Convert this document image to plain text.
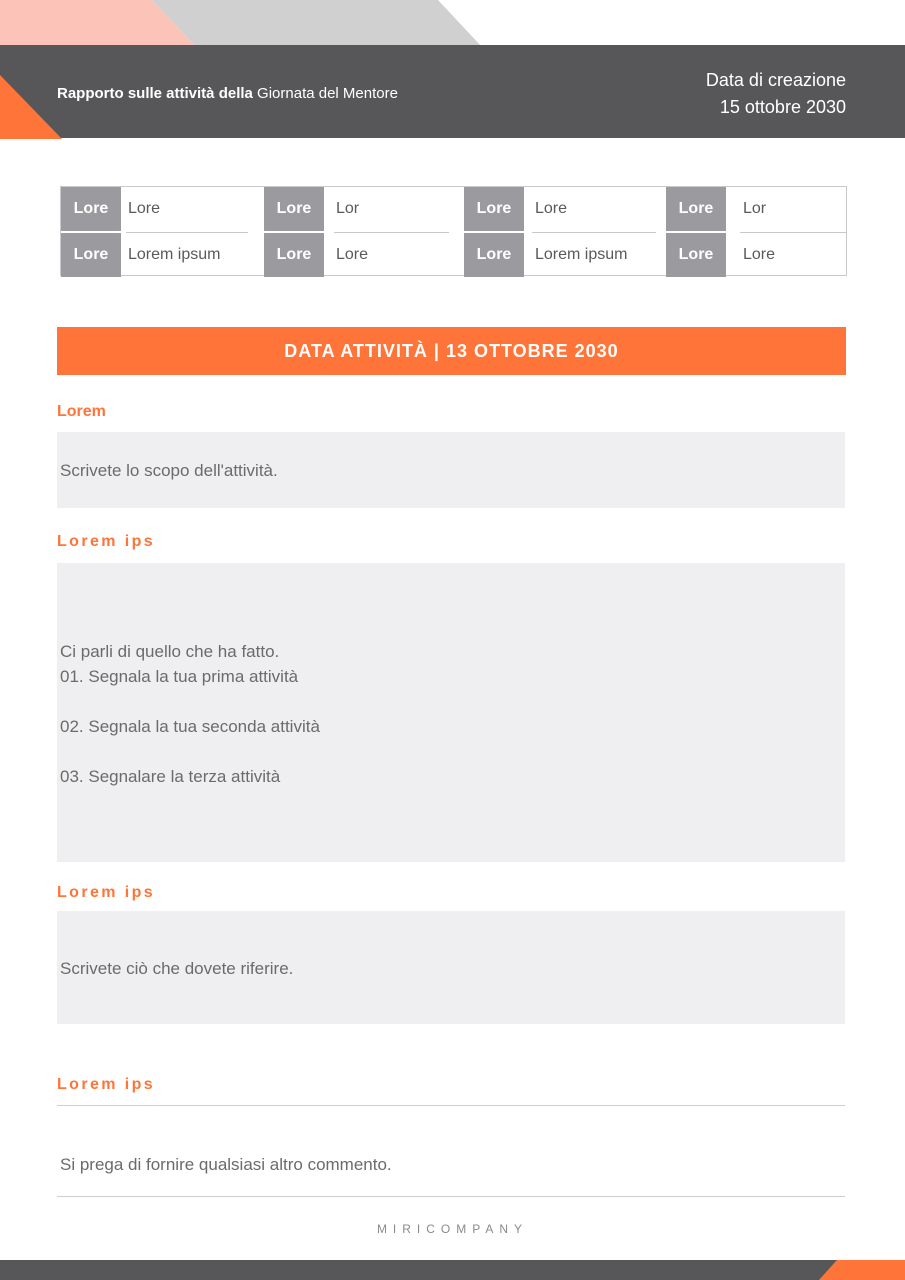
Rapporto sulle attività della Giornata del Mentore
Data di creazione
15 ottobre 2030
Lore	Lore	Lore	Lor	Lore	Lore	Lore	Lor
Lore	Lorem ipsum	Lore	Lore	Lore	Lorem ipsum	Lore	Lore
DATA ATTIVITÀ | 13 OTTOBRE 2030
Lorem
Scrivete lo scopo dell'attività.
Lorem ips
Ci parli di quello che ha fatto.
01. Segnala la tua prima attività
02. Segnala la tua seconda attività
03. Segnalare la terza attività
Lorem ips
Scrivete ciò che dovete riferire.
Lorem ips
Si prega di fornire qualsiasi altro commento.
MIRICOMPANY
